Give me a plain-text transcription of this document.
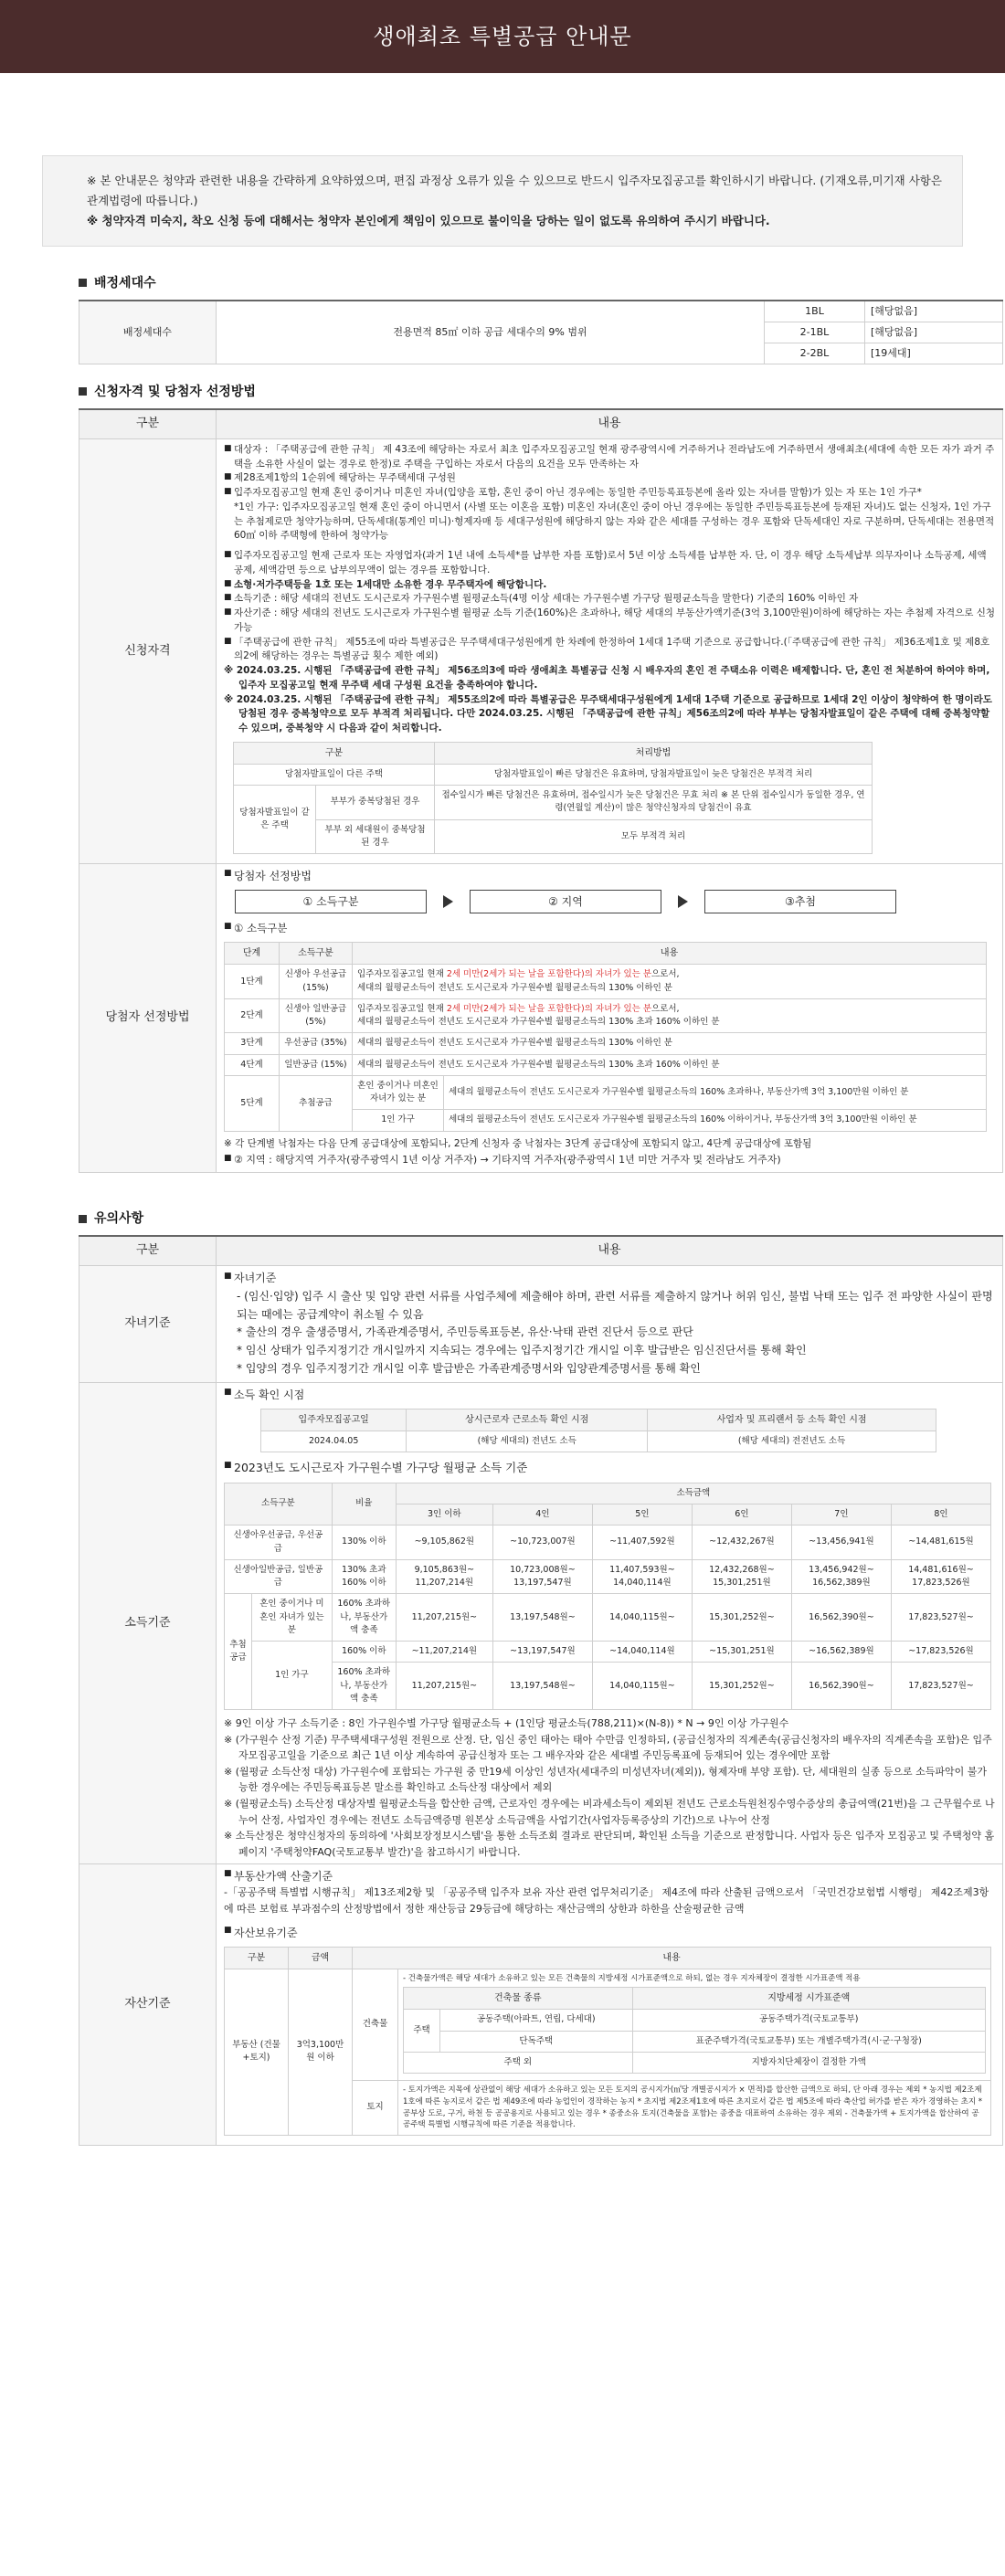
생애최초 특별공급 안내문

※ 본 안내문은 청약과 관련한 내용을 간략하게 요약하였으며, 편집 과정상 오류가 있을 수 있으므로 반드시 입주자모집공고를 확인하시기 바랍니다. (기재오류,미기재 사항은 관계법령에 따릅니다.)

※ 청약자격 미숙지, 착오 신청 등에 대해서는 청약자 본인에게 책임이 있으므로 불이익을 당하는 일이 없도록 유의하여 주시기 바랍니다.

배정세대수
배정세대수	전용면적 85㎡ 이하 공급 세대수의 9% 범위	1BL	[해당없음]
		2-1BL	[해당없음]
		2-2BL	[19세대]
신청자격 및 당첨자 선정방법
구분	내용
신청자격	
■ 대상자 : 「주택공급에 관한 규칙」 제 43조에 해당하는 자로서 최초 입주자모집공고일 현재 광주광역시에 거주하거나 전라남도에 거주하면서 생애최초(세대에 속한 모든 자가 과거 주택을 소유한 사실이 없는 경우로 한정)로 주택을 구입하는 자로서 다음의 요건을 모두 만족하는 자
■ 제28조제1항의 1순위에 해당하는 무주택세대 구성원
■ 입주자모집공고일 현재 혼인 중이거나 미혼인 자녀(입양을 포함, 혼인 중이 아닌 경우에는 동일한 주민등록표등본에 올라 있는 자녀를 말함)가 있는 자 또는 1인 가구*
*1인 가구: 입주자모집공고일 현재 혼인 중이 아니면서 (사별 또는 이혼을 포함) 미혼인 자녀(혼인 중이 아닌 경우에는 동일한 주민등록표등본에 등재된 자녀)도 없는 신청자, 1인 가구는 추첨제로만 청약가능하며, 단독세대(통계인 미니)·형제자매 등 세대구성원에 해당하지 않는 자와 같은 세대를 구성하는 경우 포함와 단독세대인 자로 구분하며, 단독세대는 전용면적 60㎡ 이하 주택형에 한하여 청약가능
■ 입주자모집공고일 현재 근로자 또는 자영업자(과거 1년 내에 소득세*를 납부한 자를 포함)로서 5년 이상 소득세를 납부한 자. 단, 이 경우 해당 소득세납부 의무자이나 소득공제, 세액공제, 세액감면 등으로 납부의무액이 없는 경우를 포함합니다.
■ 소형·저가주택등을 1호 또는 1세대만 소유한 경우 무주택자에 해당합니다.
■ 소득기준 : 해당 세대의 전년도 도시근로자 가구원수별 월평균소득(4명 이상 세대는 가구원수별 가구당 월평균소득을 말한다) 기준의 160% 이하인 자
■ 자산기준 : 해당 세대의 전년도 도시근로자 가구원수별 월평균 소득 기준(160%)은 초과하나, 해당 세대의 부동산가액기준(3억 3,100만원)이하에 해당하는 자는 추첨제 자격으로 신청 가능
■ 「주택공급에 관한 규칙」 제55조에 따라 특별공급은 무주택세대구성원에게 한 차례에 한정하여 1세대 1주택 기준으로 공급합니다.(「주택공급에 관한 규칙」 제36조제1호 및 제8호의2에 해당하는 경우는 특별공급 횟수 제한 예외)
※ 2024.03.25. 시행된 「주택공급에 관한 규칙」 제56조의3에 따라 생애최초 특별공급 신청 시 배우자의 혼인 전 주택소유 이력은 배제합니다. 단, 혼인 전 처분하여 하여야 하며, 입주자 모집공고일 현재 무주택 세대 구성원 요건을 충족하여야 합니다.
※ 2024.03.25. 시행된 「주택공급에 관한 규칙」 제55조의2에 따라 특별공급은 무주택세대구성원에게 1세대 1주택 기준으로 공급하므로 1세대 2인 이상이 청약하여 한 명이라도 당첨된 경우 중복청약으로 모두 부적격 처리됩니다. 다만 2024.03.25. 시행된 「주택공급에 관한 규칙」제56조의2에 따라 부부는 당첨자발표일이 같은 주택에 대해 중복청약할 수 있으며, 중복청약 시 다음과 같이 처리합니다.
구분	처리방법
당첨자발표일이 다른 주택	당첨자발표일이 빠른 당첨건은 유효하며, 당첨자발표일이 늦은 당첨건은 부적격 처리
당첨자발표일이 같은 주택	부부가 중복당첨된 경우	접수일시가 빠른 당첨건은 유효하며, 접수일시가 늦은 당첨건은 무효 처리 ※ 본 단위 접수일시가 동일한 경우, 연령(연월일 계산)이 많은 청약신청자의 당첨건이 유효
부부 외 세대원이 중복당첨된 경우	모두 부적격 처리

당첨자 선정방법	
■ 당첨자 선정방법
① 소득구분	② 지역	③추첨
■ ① 소득구분
단계	소득구분	내용
1단계	신생아 우선공급 (15%)	입주자모집공고일 현재 2세 미만(2세가 되는 날을 포함한다)의 자녀가 있는 분으로서,
세대의 월평균소득이 전년도 도시근로자 가구원수별 월평균소득의 130% 이하인 분
2단계	신생아 일반공급 (5%)	입주자모집공고일 현재 2세 미만(2세가 되는 날을 포함한다)의 자녀가 있는 분으로서,
세대의 월평균소득이 전년도 도시근로자 가구원수별 월평균소득의 130% 초과 160% 이하인 분
3단계	우선공급 (35%)	세대의 월평균소득이 전년도 도시근로자 가구원수별 월평균소득의 130% 이하인 분
4단계	일반공급 (15%)	세대의 월평균소득이 전년도 도시근로자 가구원수별 월평균소득의 130% 초과 160% 이하인 분
5단계	추첨공급	혼인 중이거나 미혼인 자녀가 있는 분	세대의 월평균소득이 전년도 도시근로자 가구원수별 월평균소득의 160% 초과하나, 부동산가액 3억 3,100만원 이하인 분
1인 가구	세대의 월평균소득이 전년도 도시근로자 가구원수별 월평균소득의 160% 이하이거나, 부동산가액 3억 3,100만원 이하인 분
※ 각 단계별 낙첨자는 다음 단계 공급대상에 포함되나, 2단계 신청자 중 낙첨자는 3단계 공급대상에 포함되지 않고, 4단계 공급대상에 포함됨
■ ② 지역 : 해당지역 거주자(광주광역시 1년 이상 거주자) → 기타지역 거주자(광주광역시 1년 미만 거주자 및 전라남도 거주자)
유의사항
구분	내용
자녀기준	
■ 자녀기준
- (임신·입양) 입주 시 출산 및 입양 관련 서류를 사업주체에 제출해야 하며, 관련 서류를 제출하지 않거나 허위 임신, 불법 낙태 또는 입주 전 파양한 사실이 판명되는 때에는 공급계약이 취소될 수 있음
* 출산의 경우 출생증명서, 가족관계증명서, 주민등록표등본, 유산·낙태 관련 진단서 등으로 판단
* 임신 상태가 입주지정기간 개시일까지 지속되는 경우에는 입주지정기간 개시일 이후 발급받은 임신진단서를 통해 확인
* 입양의 경우 입주지정기간 개시일 이후 발급받은 가족관계증명서와 입양관계증명서를 통해 확인

소득기준	
■ 소득 확인 시점
입주자모집공고일	상시근로자 근로소득 확인 시점	사업자 및 프리랜서 등 소득 확인 시점
2024.04.05	(해당 세대의) 전년도 소득	(해당 세대의) 전전년도 소득
■ 2023년도 도시근로자 가구원수별 가구당 월평균 소득 기준
소득구분	비율	소득금액
3인 이하	4인	5인	6인	7인	8인
신생아우선공급, 우선공급	130% 이하	~9,105,862원	~10,723,007원	~11,407,592원	~12,432,267원	~13,456,941원	~14,481,615원
신생아일반공급, 일반공급	130% 초과 160% 이하	9,105,863원~ 11,207,214원	10,723,008원~ 13,197,547원	11,407,593원~ 14,040,114원	12,432,268원~ 15,301,251원	13,456,942원~ 16,562,389원	14,481,616원~ 17,823,526원
추첨 공급	혼인 중이거나 미혼인 자녀가 있는 분	160% 초과하나, 부동산가액 충족	11,207,215원~	13,197,548원~	14,040,115원~	15,301,252원~	16,562,390원~	17,823,527원~
1인 가구	160% 이하	~11,207,214원	~13,197,547원	~14,040,114원	~15,301,251원	~16,562,389원	~17,823,526원
160% 초과하나, 부동산가액 충족	11,207,215원~	13,197,548원~	14,040,115원~	15,301,252원~	16,562,390원~	17,823,527원~
※ 9인 이상 가구 소득기준 : 8인 가구원수별 가구당 월평균소득 + (1인당 평균소득(788,211)×(N-8)) * N → 9인 이상 가구원수
※ (가구원수 산정 기준) 무주택세대구성원 전원으로 산정. 단, 임신 중인 태아는 태아 수만큼 인정하되, (공급신청자의 직계존속(공급신청자의 배우자의 직계존속을 포함)은 입주자모집공고일을 기준으로 최근 1년 이상 계속하여 공급신청자 또는 그 배우자와 같은 세대별 주민등록표에 등재되어 있는 경우에만 포함
※ (월평균 소득산정 대상) 가구원수에 포함되는 가구원 중 만19세 이상인 성년자(세대주의 미성년자녀(제외)), 형제자매 부양 포함). 단, 세대원의 실종 등으로 소득파악이 불가능한 경우에는 주민등록표등본 말소를 확인하고 소득산정 대상에서 제외
※ (월평균소득) 소득산정 대상자별 월평균소득을 합산한 금액, 근로자인 경우에는 비과세소득이 제외된 전년도 근로소득원천징수영수증상의 총급여액(21번)을 그 근무월수로 나누어 산정, 사업자인 경우에는 전년도 소득금액증명 원본상 소득금액을 사업기간(사업자등록증상의 기간)으로 나누어 산정
※ 소득산정은 청약신청자의 동의하에 '사회보장정보시스템'을 통한 소득조회 결과로 판단되며, 확인된 소득을 기준으로 판정합니다. 사업자 등은 입주자 모집공고 및 주택청약 홈페이지 '주택청약FAQ(국토교통부 발간)'을 참고하시기 바랍니다.

자산기준	
■ 부동산가액 산출기준
-「공공주택 특별법 시행규칙」 제13조제2항 및 「공공주택 입주자 보유 자산 관련 업무처리기준」 제4조에 따라 산출된 금액으로서 「국민건강보험법 시행령」 제42조제3항에 따른 보험료 부과점수의 산정방법에서 정한 재산등급 29등급에 해당하는 재산금액의 상한과 하한을 산술평균한 금액
■ 자산보유기준
구분	금액	내용
부동산 (건물+토지)	3억3,100만원 이하	건축물	
- 건축물가액은 해당 세대가 소유하고 있는 모든 건축물의 지방세정 시가표준액으로 하되, 없는 경우 지자체장이 결정한 시가표준액 적용
건축물 종류	지방세정 시가표준액
주택	공동주택(아파트, 연립, 다세대)	공동주택가격(국토교통부)
단독주택	표준주택가격(국토교통부) 또는 개별주택가격(시·군·구청장)
주택 외	지방자치단체장이 결정한 가액

토지	- 토지가액은 지목에 상관없이 해당 세대가 소유하고 있는 모든 토지의 공시지가(㎡당 개별공시지가 × 면적)를 합산한 금액으로 하되, 단 아래 경우는 제외 * 농지법 제2조제1호에 따른 농지로서 같은 법 제49조에 따라 농업인이 경작하는 농지 * 초지법 제2조제1호에 따른 초지로서 같은 법 제5조에 따라 축산업 허가를 받은 자가 경영하는 초지 * 공부상 도로, 구거, 하천 등 공공용지로 사용되고 있는 경우 * 종중소유 토지(건축물을 포함)는 종중을 대표하여 소유하는 경우 제외 - 건축물가액 + 토지가액을 합산하여 공공주택 특별법 시행규칙에 따른 기준을 적용합니다.
